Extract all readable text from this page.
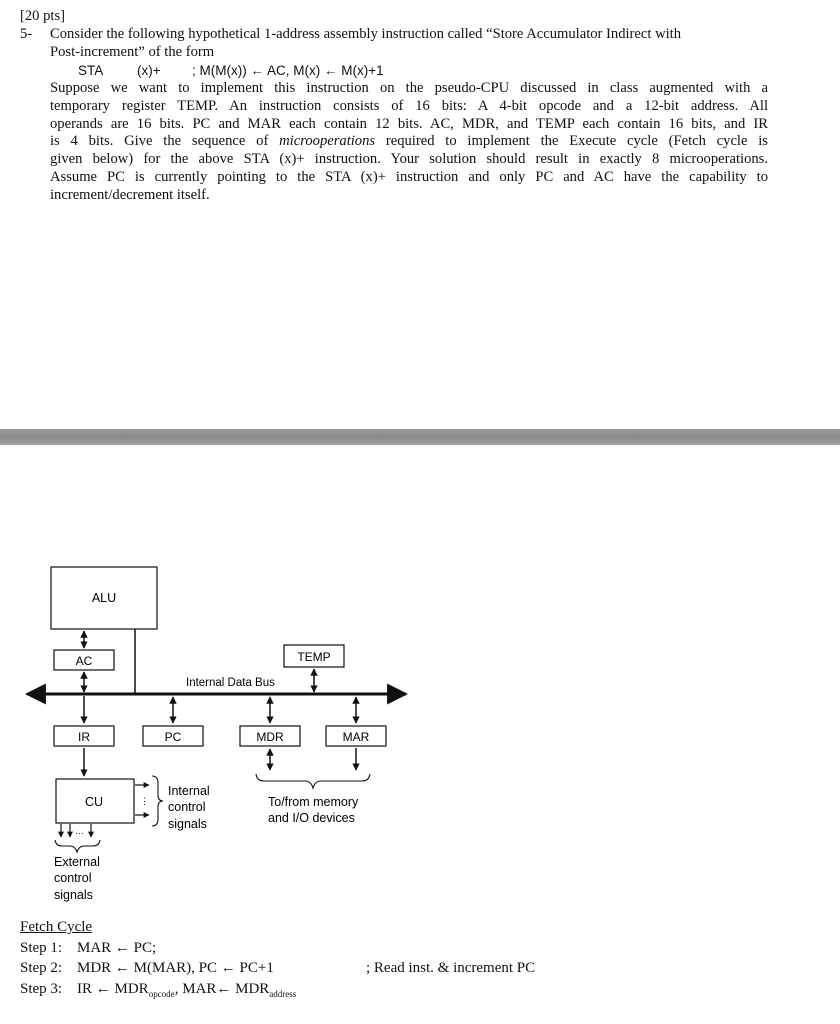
[20 pts]
5- Consider the following hypothetical 1-address assembly instruction called “Store Accumulator Indirect with
Post-increment” of the form
STA (x)+ ; M(M(x)) ← AC, M(x) ← M(x)+1
Suppose we want to implement this instruction on the pseudo-CPU discussed in class augmented with a
temporary register TEMP. An instruction consists of 16 bits: A 4-bit opcode and a 12-bit address. All
operands are 16 bits. PC and MAR each contain 12 bits. AC, MDR, and TEMP each contain 16 bits, and IR
is 4 bits. Give the sequence of microoperations required to implement the Execute cycle (Fetch cycle is
given below) for the above STA (x)+ instruction. Your solution should result in exactly 8 microoperations.
Assume PC is currently pointing to the STA (x)+ instruction and only PC and AC have the capability to
increment/decrement itself.
Internal Data Bus
ALU
AC	TEMP
IR	PC	MDR	MAR
To/from memory
and I/O devices
CU	⋮
Internal
control
signals
…
External
control
signals
Fetch Cycle
Step 1: MAR ← PC;
Step 2: MDR ← M(MAR), PC ← PC+1	; Read inst. & increment PC
Step 3: IR ← $MDR_{opcode}$, MAR← $MDR_{address}$
